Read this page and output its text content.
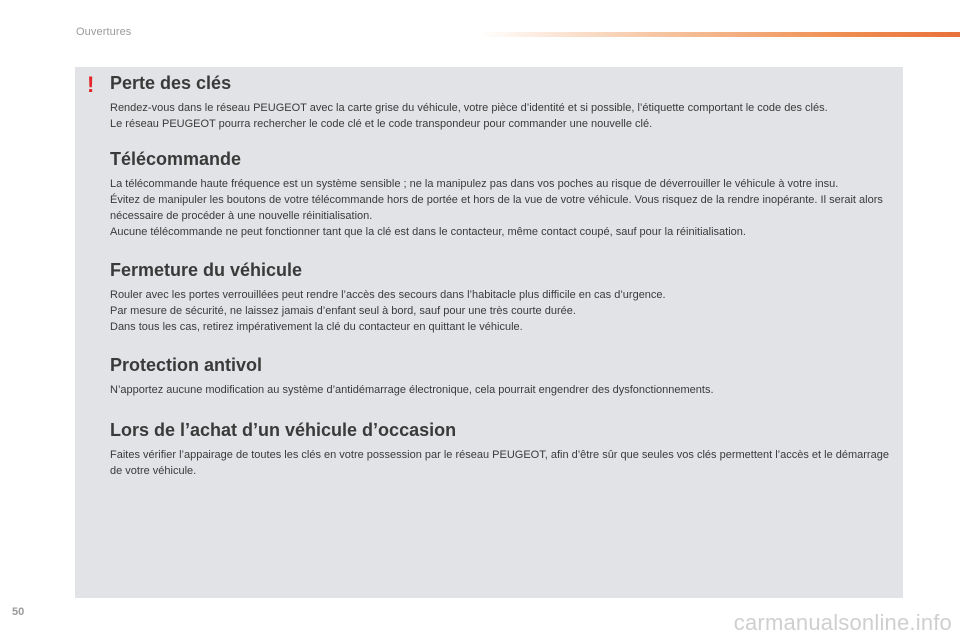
Ouvertures
! Perte des clés

Rendez-vous dans le réseau PEUGEOT avec la carte grise du véhicule, votre pièce d’identité et si possible, l’étiquette comportant le code des clés.

Le réseau PEUGEOT pourra rechercher le code clé et le code transpondeur pour commander une nouvelle clé.

Télécommande

La télécommande haute fréquence est un système sensible ; ne la manipulez pas dans vos poches au risque de déverrouiller le véhicule à votre insu.

Évitez de manipuler les boutons de votre télécommande hors de portée et hors de la vue de votre véhicule. Vous risquez de la rendre inopérante. Il serait alors nécessaire de procéder à une nouvelle réinitialisation.

Aucune télécommande ne peut fonctionner tant que la clé est dans le contacteur, même contact coupé, sauf pour la réinitialisation.

Fermeture du véhicule

Rouler avec les portes verrouillées peut rendre l’accès des secours dans l’habitacle plus difficile en cas d’urgence.

Par mesure de sécurité, ne laissez jamais d’enfant seul à bord, sauf pour une très courte durée.

Dans tous les cas, retirez impérativement la clé du contacteur en quittant le véhicule.

Protection antivol

N’apportez aucune modification au système d’antidémarrage électronique, cela pourrait engendrer des dysfonctionnements.

Lors de l’achat d’un véhicule d’occasion

Faites vérifier l’appairage de toutes les clés en votre possession par le réseau PEUGEOT, afin d’être sûr que seules vos clés permettent l’accès et le démarrage de votre véhicule.

50	carmanualsonline.info
